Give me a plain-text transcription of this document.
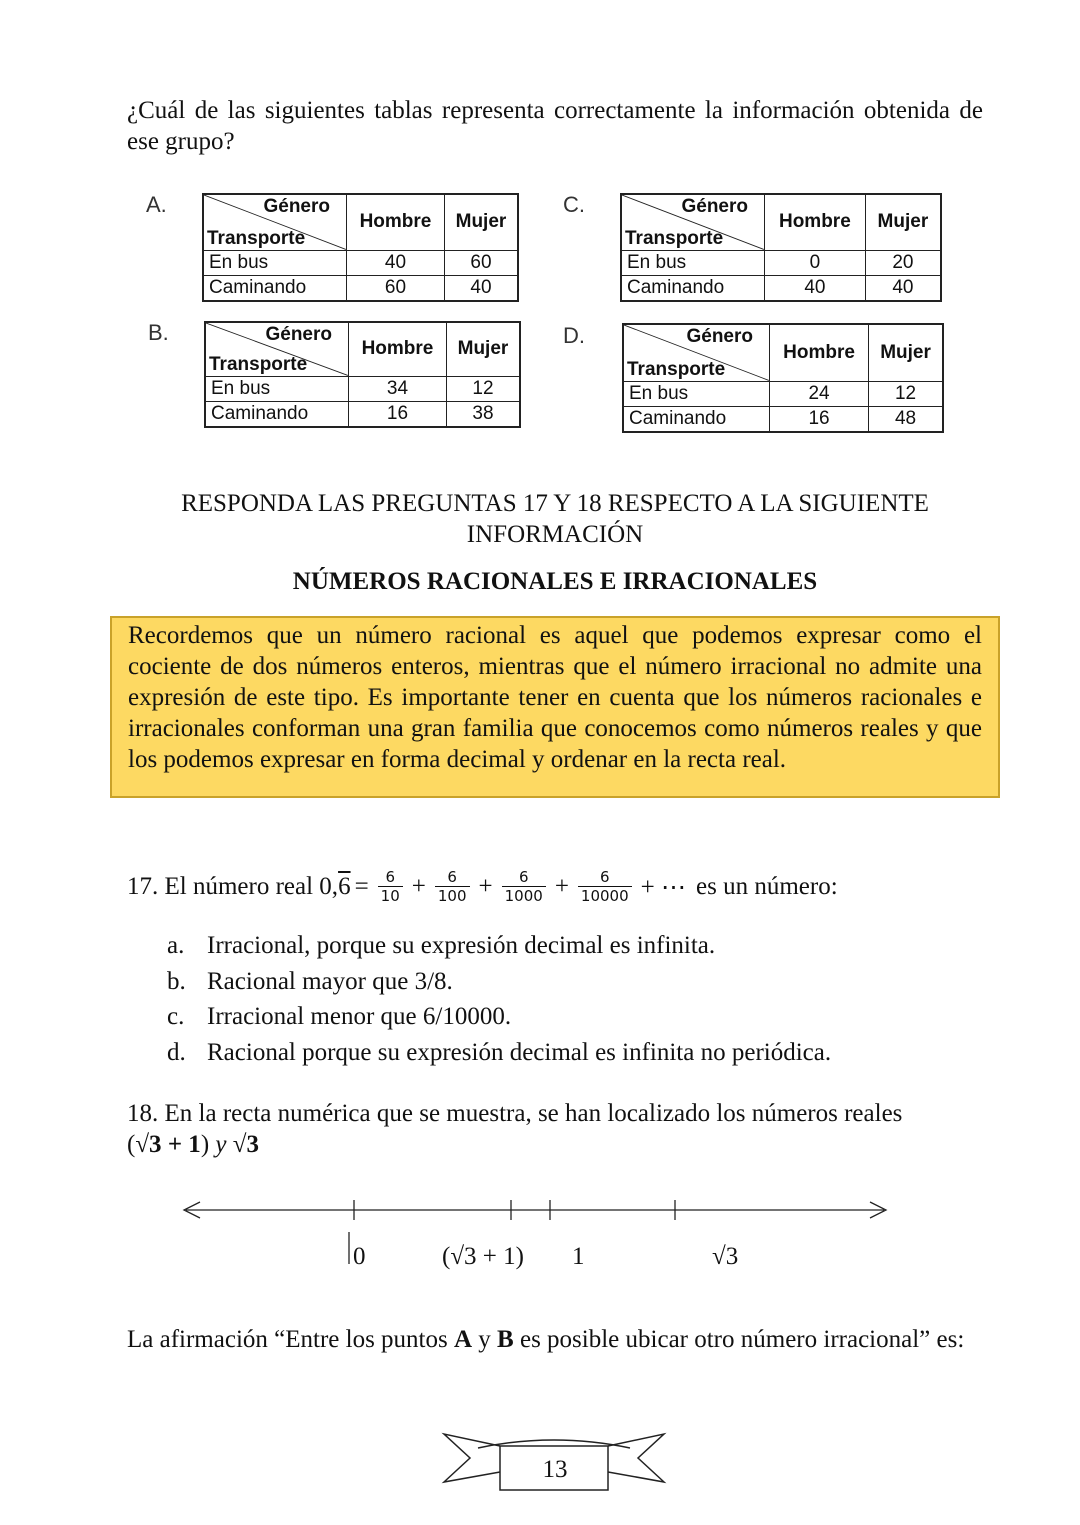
¿Cuál de las siguientes tablas representa correctamente la información obtenida de ese grupo?
A.	Género
Transporte	Hombre	Mujer
En bus	40	60
Caminando	60	40
C.	Género
Transporte	Hombre	Mujer
En bus	0	20
Caminando	40	40
B.	Género
Transporte	Hombre	Mujer
En bus	34	12
Caminando	16	38
D.	Género
Transporte	Hombre	Mujer
En bus	24	12
Caminando	16	48
RESPONDA LAS PREGUNTAS 17 Y 18 RESPECTO A LA SIGUIENTE INFORMACIÓN
NÚMEROS RACIONALES E IRRACIONALES
Recordemos que un número racional es aquel que podemos expresar como el cociente de dos números enteros, mientras que el número irracional no admite una expresión de este tipo. Es importante tener en cuenta que los números racionales e irracionales conforman una gran familia que conocemos como números reales y que los podemos expresar en forma decimal y ordenar en la recta real.
17. El número real 0, $6 = \frac{6}{10} + \frac{6}{100} + \frac{6}{1000} + \frac{6}{10000}$ + ⋯ es un número:
a. Irracional, porque su expresión decimal es infinita.
b. Racional mayor que 3/8.
c. Irracional menor que 6/10000.
d. Racional porque su expresión decimal es infinita no periódica.
18. En la recta numérica que se muestra, se han localizado los números reales
(√3 + 1) y √3
0	(√3 + 1) 1	√3
La afirmación “Entre los puntos A y B es posible ubicar otro número irracional” es:
13
